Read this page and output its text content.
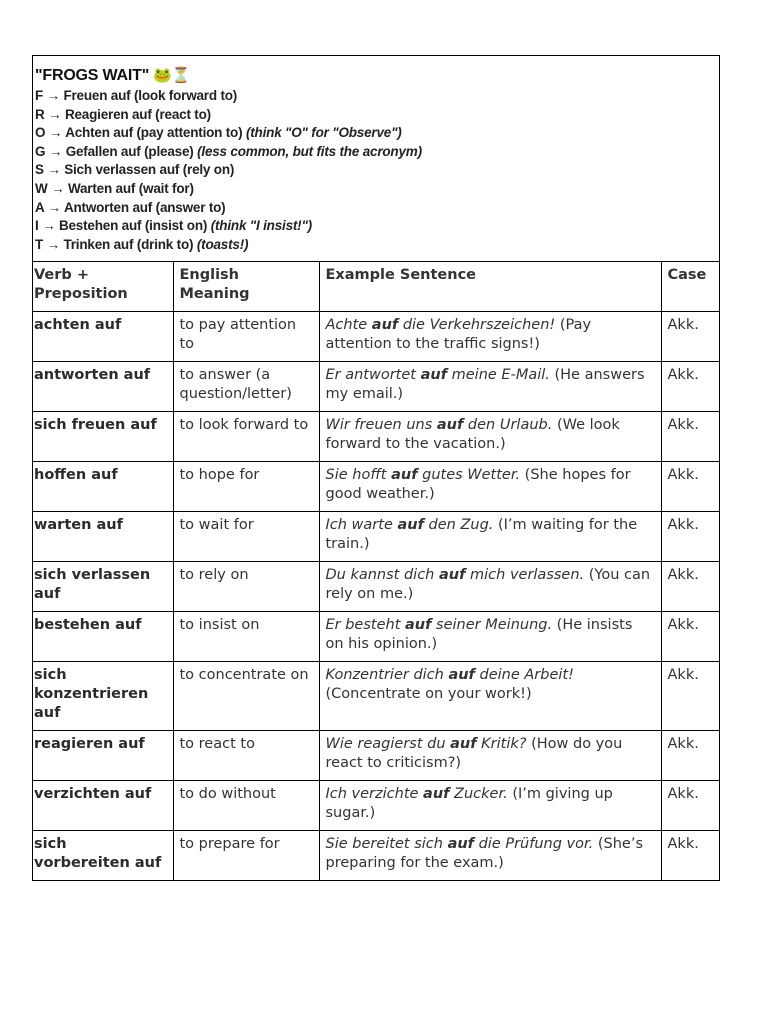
"FROGS WAIT" 🐸⏳
F → Freuen auf (look forward to)
R → Reagieren auf (react to)
O → Achten auf (pay attention to) (think "O" for "Observe")
G → Gefallen auf (please) (less common, but fits the acronym)
S → Sich verlassen auf (rely on)
W → Warten auf (wait for)
A → Antworten auf (answer to)
I → Bestehen auf (insist on) (think "I insist!")
T → Trinken auf (drink to) (toasts!)
Verb + Preposition	English Meaning	Example Sentence	Case
achten auf	to pay attention to	Achte auf die Verkehrszeichen! (Pay attention to the traffic signs!)	Akk.
antworten auf	to answer (a question/letter)	Er antwortet auf meine E-Mail. (He answers my email.)	Akk.
sich freuen auf	to look forward to	Wir freuen uns auf den Urlaub. (We look forward to the vacation.)	Akk.
hoffen auf	to hope for	Sie hofft auf gutes Wetter. (She hopes for good weather.)	Akk.
warten auf	to wait for	Ich warte auf den Zug. (I’m waiting for the train.)	Akk.
sich verlassen auf	to rely on	Du kannst dich auf mich verlassen. (You can rely on me.)	Akk.
bestehen auf	to insist on	Er besteht auf seiner Meinung. (He insists on his opinion.)	Akk.
sich konzentrieren auf	to concentrate on	Konzentrier dich auf deine Arbeit! (Concentrate on your work!)	Akk.
reagieren auf	to react to	Wie reagierst du auf Kritik? (How do you react to criticism?)	Akk.
verzichten auf	to do without	Ich verzichte auf Zucker. (I’m giving up sugar.)	Akk.
sich vorbereiten auf	to prepare for	Sie bereitet sich auf die Prüfung vor. (She’s preparing for the exam.)	Akk.
